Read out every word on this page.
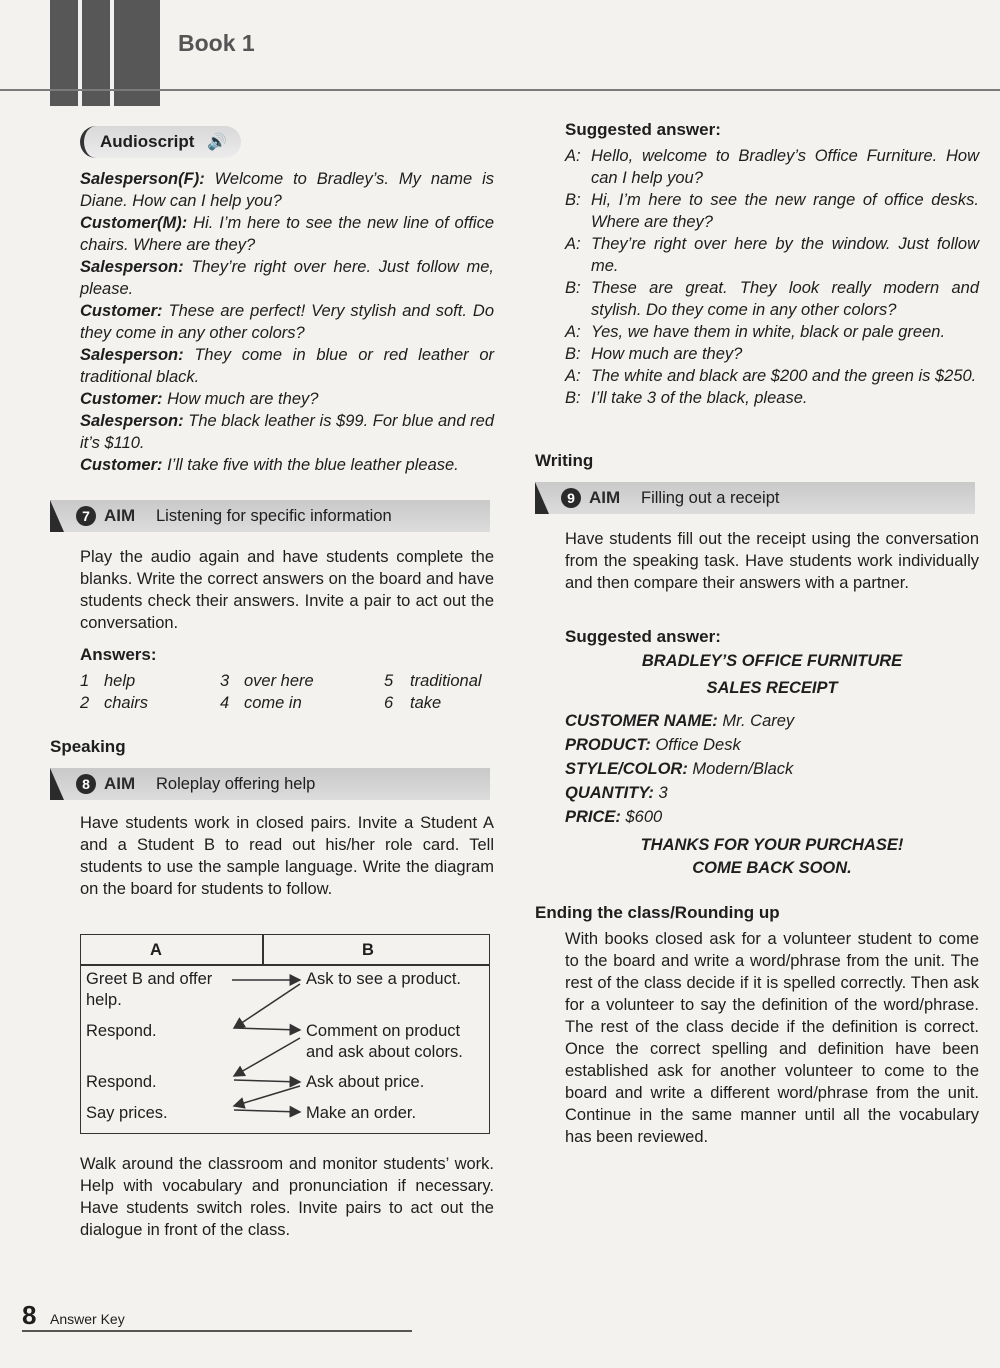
Book 1
Audioscript 🔊

Salesperson(F): Welcome to Bradley’s. My name is Diane. How can I help you?

Customer(M): Hi. I’m here to see the new line of office chairs. Where are they?

Salesperson: They’re right over here. Just follow me, please.

Customer: These are perfect! Very stylish and soft. Do they come in any other colors?

Salesperson: They come in blue or red leather or traditional black.

Customer: How much are they?

Salesperson: The black leather is $99. For blue and red it’s $110.

Customer: I’ll take five with the blue leather please.

7 AIM Listening for specific information
Play the audio again and have students complete the blanks. Write the correct answers on the board and have students check their answers. Invite a pair to act out the conversation.
Answers:
1 help
2 chairs
3 over here
4 come in
5 traditional
6 take
Speaking
8 AIM Roleplay offering help
Have students work in closed pairs. Invite a Student A and a Student B to read out his/her role card. Tell students to use the sample language. Write the diagram on the board for students to follow.
A	B
Greet B and offer help.
Respond.
Respond.
Say prices.
Ask to see a product.
Comment on product and ask about colors.
Ask about price.
Make an order.
Walk around the classroom and monitor students’ work. Help with vocabulary and pronunciation if necessary. Have students switch roles. Invite pairs to act out the dialogue in front of the class.
Suggested answer:
A: Hello, welcome to Bradley’s Office Furniture. How can I help you?
B: Hi, I’m here to see the new range of office desks. Where are they?
A: They’re right over here by the window. Just follow me.
B: These are great. They look really modern and stylish. Do they come in any other colors?
A: Yes, we have them in white, black or pale green.
B: How much are they?
A: The white and black are $200 and the green is $250.
B: I’ll take 3 of the black, please.
Writing
9 AIM Filling out a receipt
Have students fill out the receipt using the conversation from the speaking task. Have students work individually and then compare their answers with a partner.
Suggested answer:
BRADLEY’S OFFICE FURNITURE
SALES RECEIPT
CUSTOMER NAME: Mr. Carey
PRODUCT: Office Desk
STYLE/COLOR: Modern/Black
QUANTITY: 3
PRICE: $600
THANKS FOR YOUR PURCHASE!
COME BACK SOON.
Ending the class/Rounding up
With books closed ask for a volunteer student to come to the board and write a word/phrase from the unit. The rest of the class decide if it is spelled correctly. Then ask for a volunteer to say the definition of the word/phrase. The rest of the class decide if the definition is correct. Once the correct spelling and definition have been established ask for another volunteer to come to the board and write a different word/phrase from the unit. Continue in the same manner until all the vocabulary has been reviewed.
8 Answer Key
